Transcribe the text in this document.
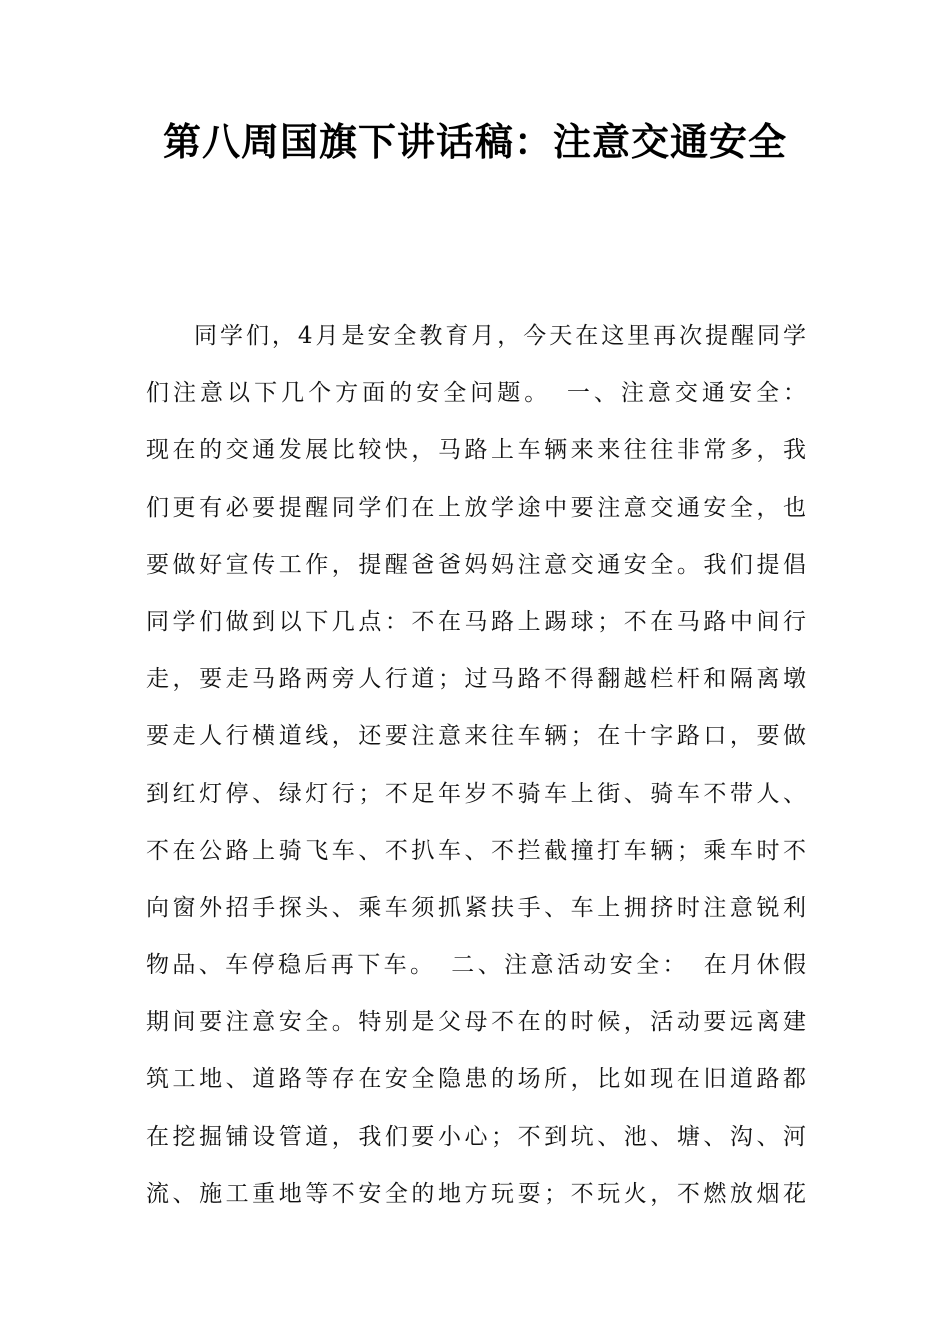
第八周国旗下讲话稿：注意交通安全
同学们，4月是安全教育月，今天在这里再次提醒同学
们注意以下几个方面的安全问题。　一、注意交通安全：
现在的交通发展比较快，马路上车辆来来往往非常多，我
们更有必要提醒同学们在上放学途中要注意交通安全，也
要做好宣传工作，提醒爸爸妈妈注意交通安全。我们提倡
同学们做到以下几点：不在马路上踢球；不在马路中间行
走，要走马路两旁人行道；过马路不得翻越栏杆和隔离墩
要走人行横道线，还要注意来往车辆；在十字路口，要做
到红灯停、绿灯行；不足年岁不骑车上街、骑车不带人、
不在公路上骑飞车、不扒车、不拦截撞打车辆；乘车时不
向窗外招手探头、乘车须抓紧扶手、车上拥挤时注意锐利
物品、车停稳后再下车。　二、注意活动安全：　在月休假
期间要注意安全。特别是父母不在的时候，活动要远离建
筑工地、道路等存在安全隐患的场所，比如现在旧道路都
在挖掘铺设管道，我们要小心；不到坑、池、塘、沟、河
流、施工重地等不安全的地方玩耍；不玩火，不燃放烟花
